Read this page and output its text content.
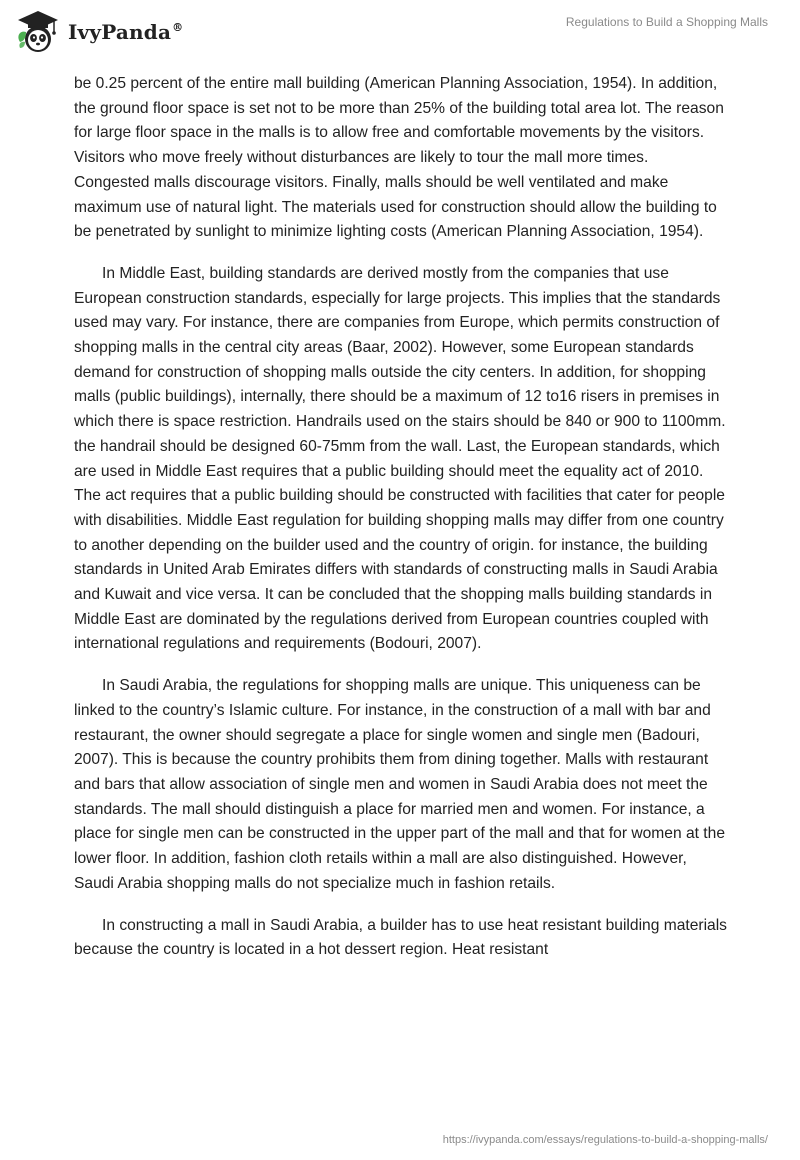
IvyPanda®	Regulations to Build a Shopping Malls

be 0.25 percent of the entire mall building (American Planning Association, 1954). In addition, the ground floor space is set not to be more than 25% of the building total area lot. The reason for large floor space in the malls is to allow free and comfortable movements by the visitors. Visitors who move freely without disturbances are likely to tour the mall more times. Congested malls discourage visitors. Finally, malls should be well ventilated and make maximum use of natural light. The materials used for construction should allow the building to be penetrated by sunlight to minimize lighting costs (American Planning Association, 1954).

In Middle East, building standards are derived mostly from the companies that use European construction standards, especially for large projects. This implies that the standards used may vary. For instance, there are companies from Europe, which permits construction of shopping malls in the central city areas (Baar, 2002). However, some European standards demand for construction of shopping malls outside the city centers. In addition, for shopping malls (public buildings), internally, there should be a maximum of 12 to16 risers in premises in which there is space restriction. Handrails used on the stairs should be 840 or 900 to 1100mm. the handrail should be designed 60-75mm from the wall. Last, the European standards, which are used in Middle East requires that a public building should meet the equality act of 2010. The act requires that a public building should be constructed with facilities that cater for people with disabilities. Middle East regulation for building shopping malls may differ from one country to another depending on the builder used and the country of origin. for instance, the building standards in United Arab Emirates differs with standards of constructing malls in Saudi Arabia and Kuwait and vice versa. It can be concluded that the shopping malls building standards in Middle East are dominated by the regulations derived from European countries coupled with international regulations and requirements (Bodouri, 2007).

In Saudi Arabia, the regulations for shopping malls are unique. This uniqueness can be linked to the country’s Islamic culture. For instance, in the construction of a mall with bar and restaurant, the owner should segregate a place for single women and single men (Badouri, 2007). This is because the country prohibits them from dining together. Malls with restaurant and bars that allow association of single men and women in Saudi Arabia does not meet the standards. The mall should distinguish a place for married men and women. For instance, a place for single men can be constructed in the upper part of the mall and that for women at the lower floor. In addition, fashion cloth retails within a mall are also distinguished. However, Saudi Arabia shopping malls do not specialize much in fashion retails.

In constructing a mall in Saudi Arabia, a builder has to use heat resistant building materials because the country is located in a hot dessert region. Heat resistant

https://ivypanda.com/essays/regulations-to-build-a-shopping-malls/
